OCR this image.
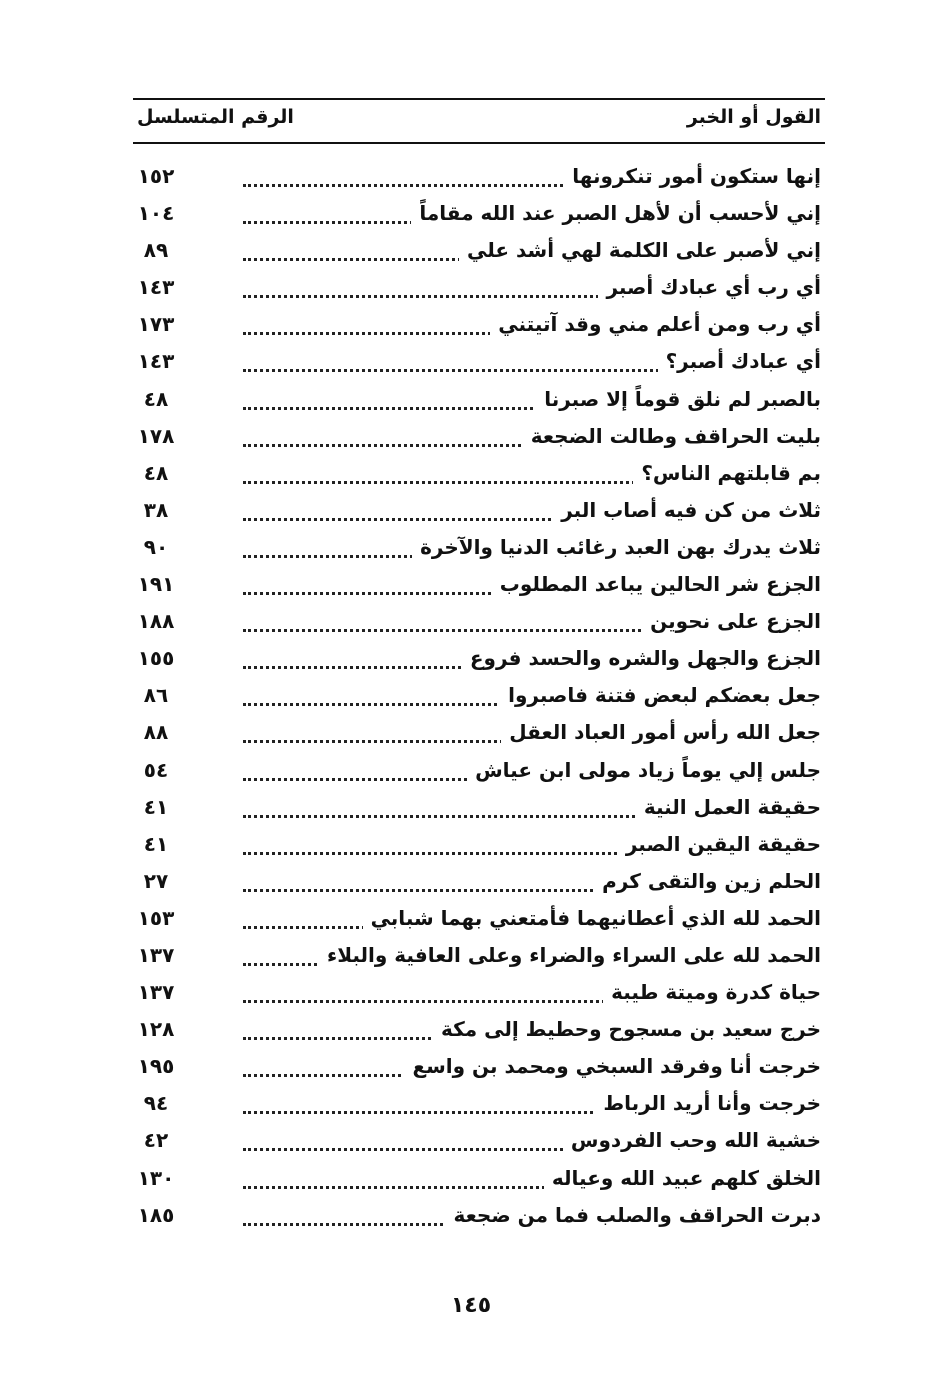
القول أو الخبر
الرقم المتسلسل
إنها ستكون أمور تنكرونها
١٥٢
إني لأحسب أن لأهل الصبر عند الله مقاماً
١٠٤
إني لأصبر على الكلمة لهي أشد علي
٨٩
أي رب أي عبادك أصبر
١٤٣
أي رب ومن أعلم مني وقد آتيتني
١٧٣
أي عبادك أصبر؟
١٤٣
بالصبر لم نلق قوماً إلا صبرنا
٤٨
بليت الحراقف وطالت الضجعة
١٧٨
بم قابلتهم الناس؟
٤٨
ثلاث من كن فيه أصاب البر
٣٨
ثلاث يدرك بهن العبد رغائب الدنيا والآخرة
٩٠
الجزع شر الحالين يباعد المطلوب
١٩١
الجزع على نحوين
١٨٨
الجزع والجهل والشره والحسد فروع
١٥٥
جعل بعضكم لبعض فتنة فاصبروا
٨٦
جعل الله رأس أمور العباد العقل
٨٨
جلس إلي يوماً زياد مولى ابن عياش
٥٤
حقيقة العمل النية
٤١
حقيقة اليقين الصبر
٤١
الحلم زين والتقى كرم
٢٧
الحمد لله الذي أعطانيهما فأمتعني بهما شبابي
١٥٣
الحمد لله على السراء والضراء وعلى العافية والبلاء
١٣٧
حياة كدرة وميتة طيبة
١٣٧
خرج سعيد بن مسجوح وحطيط إلى مكة
١٢٨
خرجت أنا وفرقد السبخي ومحمد بن واسع
١٩٥
خرجت وأنا أريد الرباط
٩٤
خشية الله وحب الفردوس
٤٢
الخلق كلهم عبيد الله وعياله
١٣٠
دبرت الحراقف والصلب فما من ضجعة
١٨٥
١٤٥
